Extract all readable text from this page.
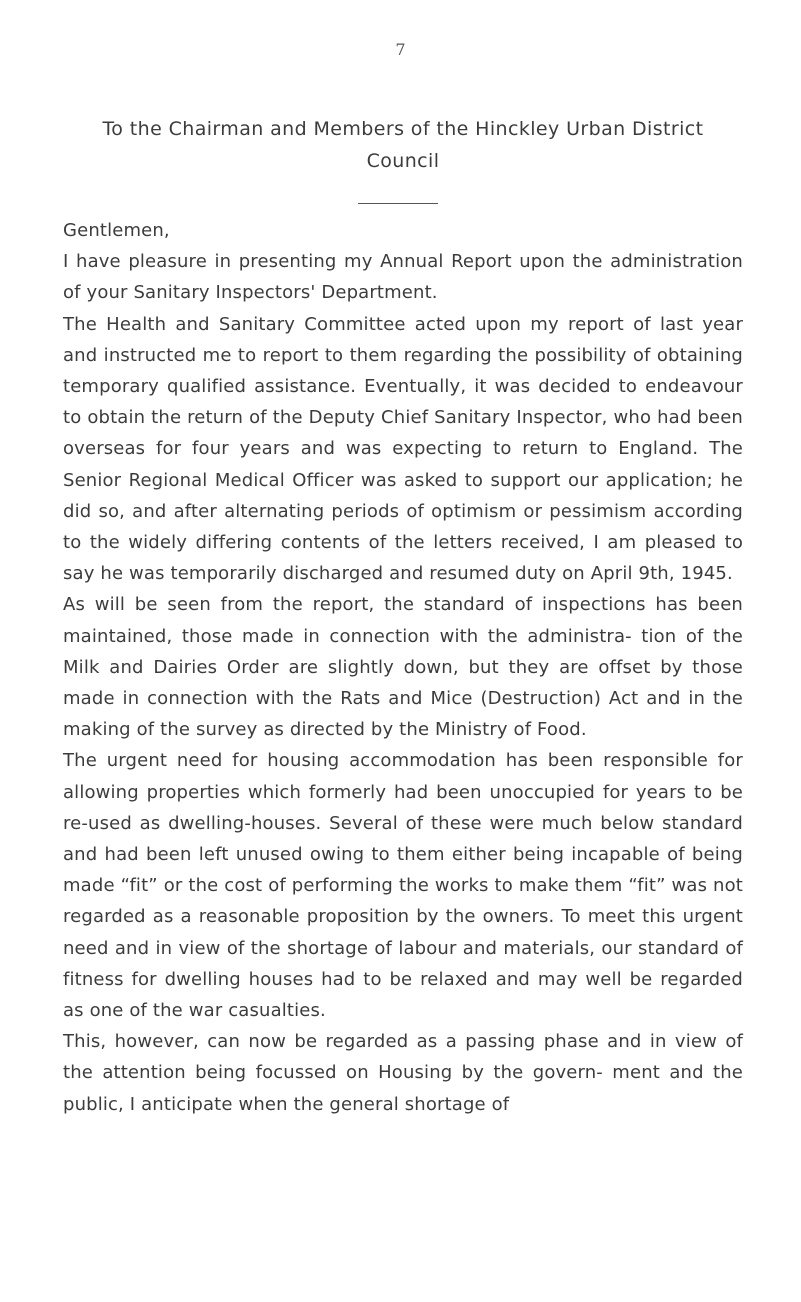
7
To the Chairman and Members of the Hinckley Urban District
Council

Gentlemen,

I have pleasure in presenting my Annual Report upon the administration of your Sanitary Inspectors' Department.

The Health and Sanitary Committee acted upon my report of last year and instructed me to report to them regarding the possibility of obtaining temporary qualified assistance. Eventually, it was decided to endeavour to obtain the return of the Deputy Chief Sanitary Inspector, who had been overseas for four years and was expecting to return to England. The Senior Regional Medical Officer was asked to support our application; he did so, and after alternating periods of optimism or pessimism according to the widely differing contents of the letters received, I am pleased to say he was temporarily discharged and resumed duty on April 9th, 1945.

As will be seen from the report, the standard of inspections has been maintained, those made in connection with the administra- tion of the Milk and Dairies Order are slightly down, but they are offset by those made in connection with the Rats and Mice (Destruction) Act and in the making of the survey as directed by the Ministry of Food.

The urgent need for housing accommodation has been responsible for allowing properties which formerly had been unoccupied for years to be re-used as dwelling-houses. Several of these were much below standard and had been left unused owing to them either being incapable of being made “fit” or the cost of performing the works to make them “fit” was not regarded as a reasonable proposition by the owners. To meet this urgent need and in view of the shortage of labour and materials, our standard of fitness for dwelling houses had to be relaxed and may well be regarded as one of the war casualties.

This, however, can now be regarded as a passing phase and in view of the attention being focussed on Housing by the govern- ment and the public, I anticipate when the general shortage of
